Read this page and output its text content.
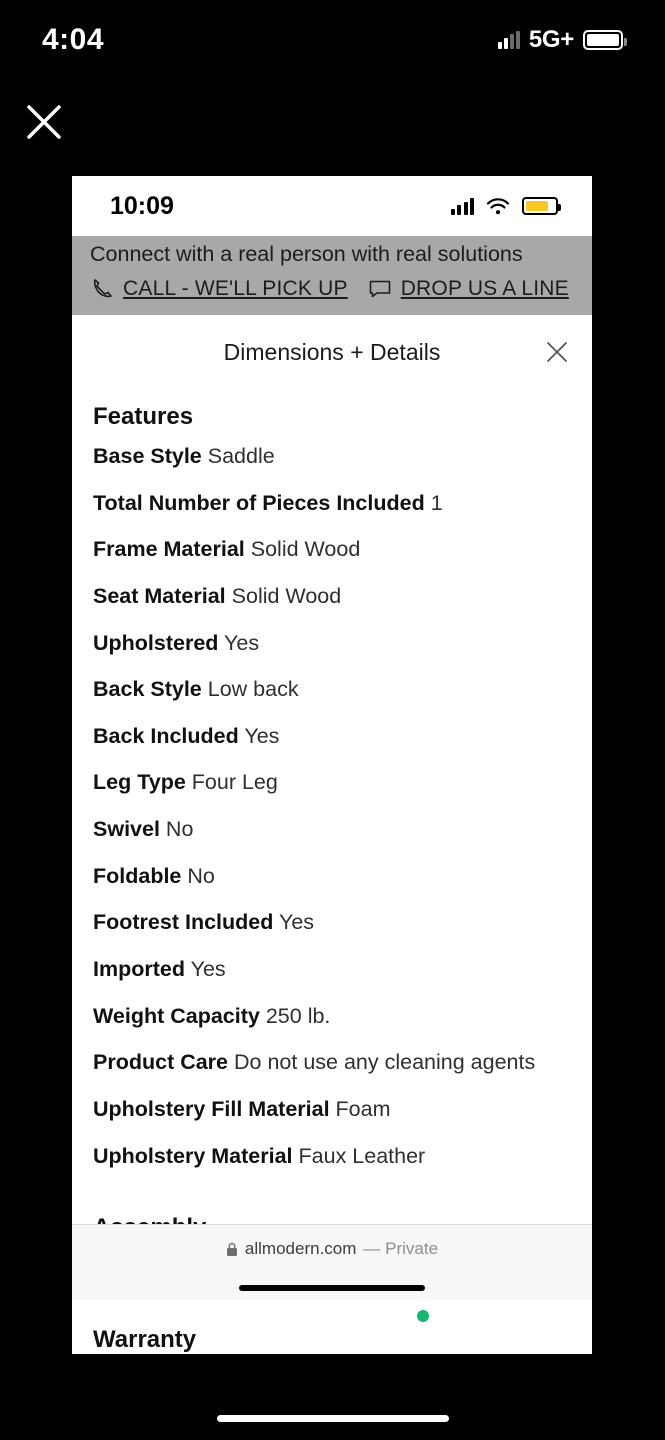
4:04	5G+
10:09
Connect with a real person with real solutions
CALL - WE'LL PICK UP	DROP US A LINE
Dimensions + Details
Features
Base Style Saddle
Total Number of Pieces Included 1
Frame Material Solid Wood
Seat Material Solid Wood
Upholstered Yes
Back Style Low back
Back Included Yes
Leg Type Four Leg
Swivel No
Foldable No
Footrest Included Yes
Imported Yes
Weight Capacity 250 lb.
Product Care Do not use any cleaning agents
Upholstery Fill Material Foam
Upholstery Material Faux Leather
Warranty
allmodern.com — Private
